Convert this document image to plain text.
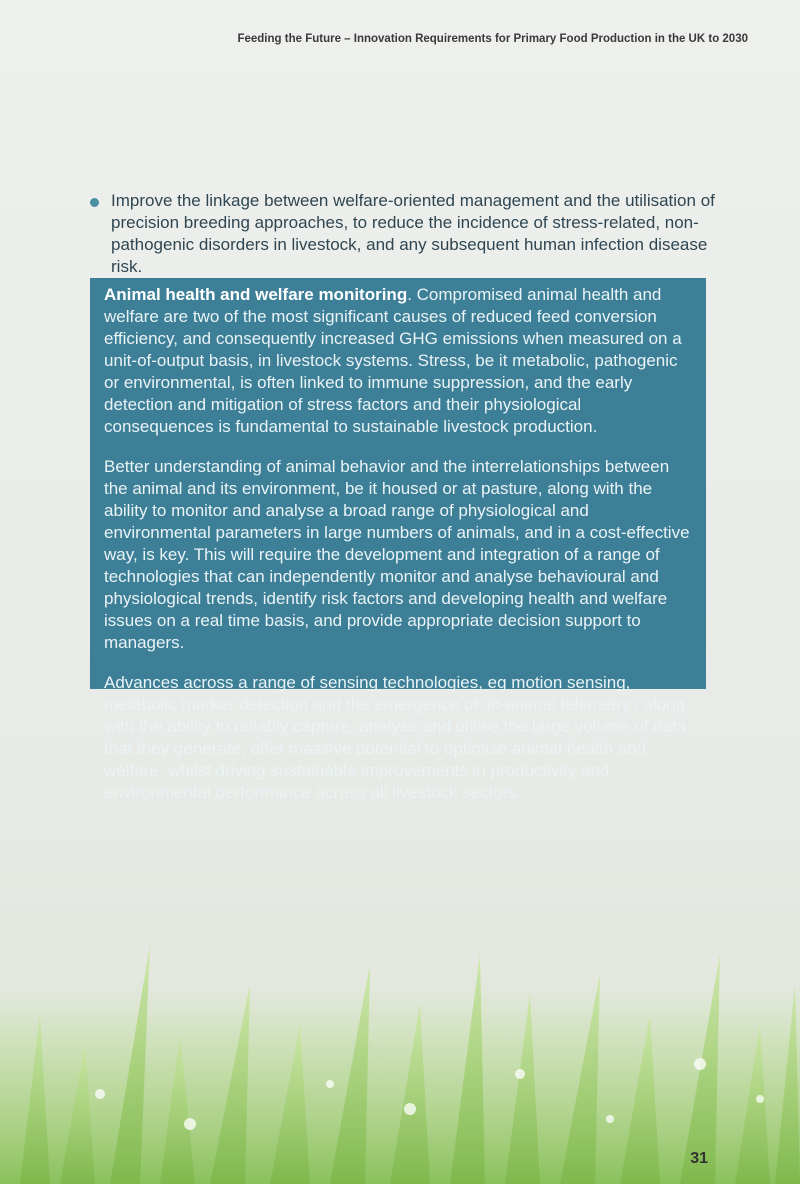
Feeding the Future – Innovation Requirements for Primary Food Production in the UK to 2030
Improve the linkage between welfare-oriented management and the utilisation of precision breeding approaches, to reduce the incidence of stress-related, non-pathogenic disorders in livestock, and any subsequent human infection disease risk.

Animal health and welfare monitoring. Compromised animal health and welfare are two of the most significant causes of reduced feed conversion efficiency, and consequently increased GHG emissions when measured on a unit-of-output basis, in livestock systems. Stress, be it metabolic, pathogenic or environmental, is often linked to immune suppression, and the early detection and mitigation of stress factors and their physiological consequences is fundamental to sustainable livestock production.

Better understanding of animal behavior and the interrelationships between the animal and its environment, be it housed or at pasture, along with the ability to monitor and analyse a broad range of physiological and environmental parameters in large numbers of animals, and in a cost-effective way, is key. This will require the development and integration of a range of technologies that can independently monitor and analyse behavioural and physiological trends, identify risk factors and developing health and welfare issues on a real time basis, and provide appropriate decision support to managers.

Advances across a range of sensing technologies, eg motion sensing, metabolic marker detection and the emergence of ‘in-animal telemetry’, along with the ability to reliably capture, analyse and utilise the large volume of data that they generate, offer massive potential to optimise animal health and welfare, whilst driving sustainable improvements in productivity and environmental performance across all livestock sectors.

31
